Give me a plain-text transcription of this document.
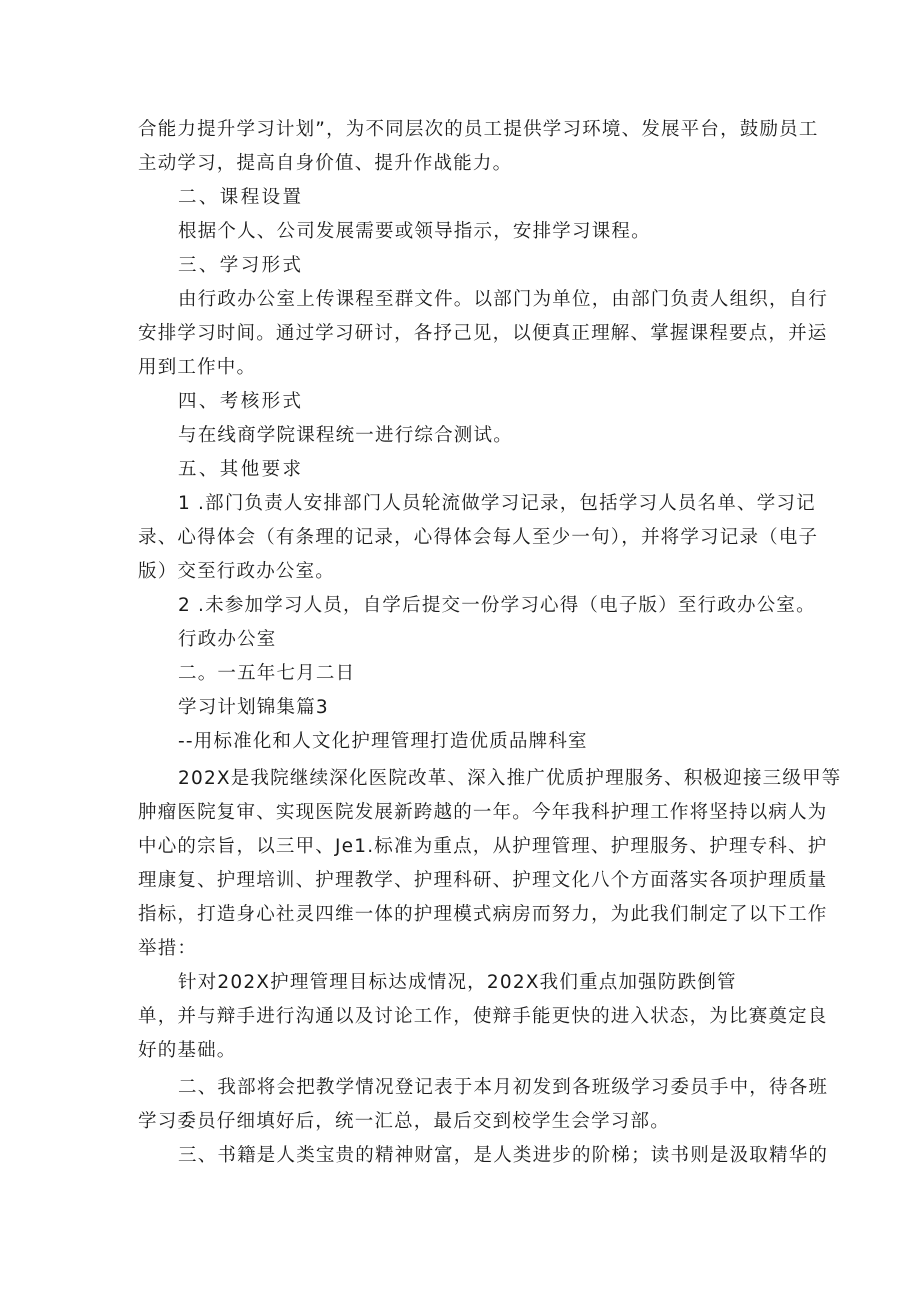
合能力提升学习计划”，为不同层次的员工提供学习环境、发展平台，鼓励员工
主动学习，提高自身价值、提升作战能力。
二、课程设置
根据个人、公司发展需要或领导指示，安排学习课程。
三、学习形式
由行政办公室上传课程至群文件。以部门为单位，由部门负责人组织，自行
安排学习时间。通过学习研讨，各抒己见，以便真正理解、掌握课程要点，并运
用到工作中。
四、考核形式
与在线商学院课程统一进行综合测试。
五、其他要求
1 .部门负责人安排部门人员轮流做学习记录，包括学习人员名单、学习记
录、心得体会（有条理的记录，心得体会每人至少一句），并将学习记录（电子
版）交至行政办公室。
2 .未参加学习人员，自学后提交一份学习心得（电子版）至行政办公室。
行政办公室
二。一五年七月二日
学习计划锦集篇3
--用标准化和人文化护理管理打造优质品牌科室
202X是我院继续深化医院改革、深入推广优质护理服务、积极迎接三级甲等
肿瘤医院复审、实现医院发展新跨越的一年。今年我科护理工作将坚持以病人为
中心的宗旨，以三甲、Je1.标准为重点，从护理管理、护理服务、护理专科、护
理康复、护理培训、护理教学、护理科研、护理文化八个方面落实各项护理质量
指标，打造身心社灵四维一体的护理模式病房而努力，为此我们制定了以下工作
举措：
针对202X护理管理目标达成情况，202X我们重点加强防跌倒管
单，并与辩手进行沟通以及讨论工作，使辩手能更快的进入状态，为比赛奠定良
好的基础。
二、我部将会把教学情况登记表于本月初发到各班级学习委员手中，待各班
学习委员仔细填好后，统一汇总，最后交到校学生会学习部。
三、书籍是人类宝贵的精神财富，是人类进步的阶梯；读书则是汲取精华的
